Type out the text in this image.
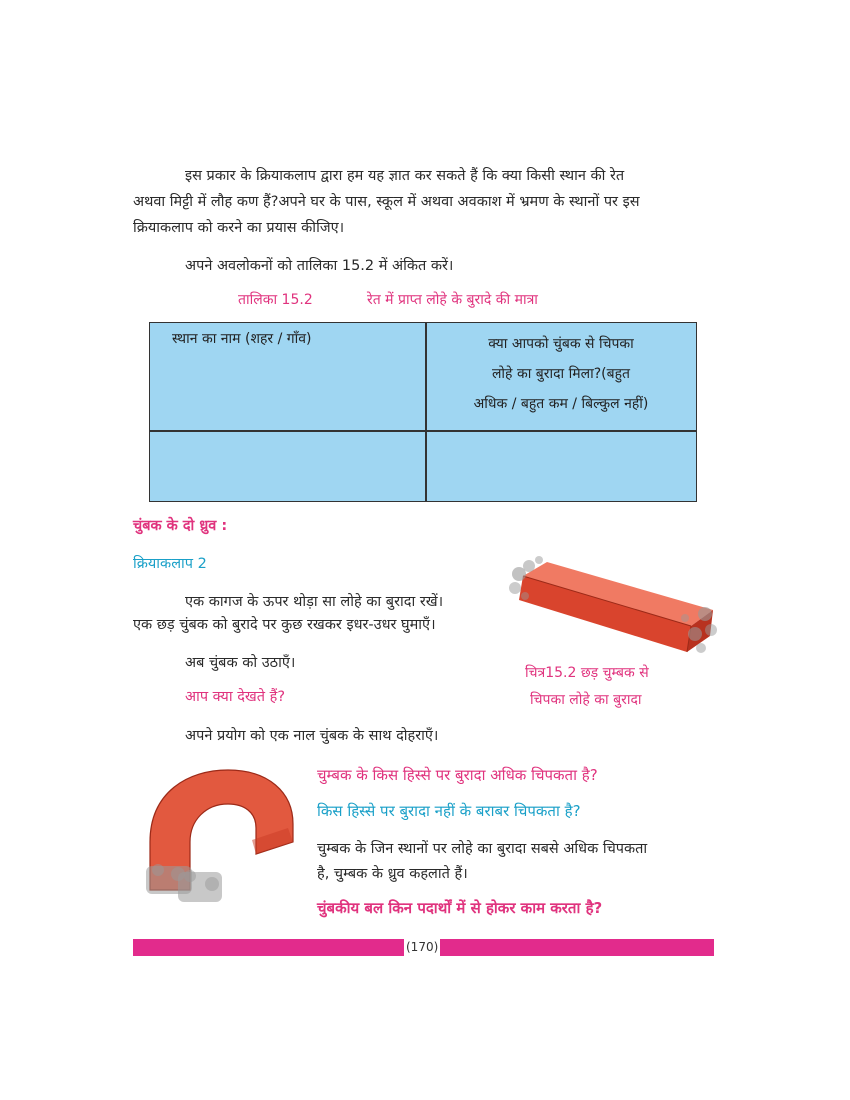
इस प्रकार के क्रियाकलाप द्वारा हम यह ज्ञात कर सकते हैं कि क्या किसी स्थान की रेत
अथवा मिट्टी में लौह कण हैं?अपने घर के पास, स्कूल में अथवा अवकाश में भ्रमण के स्थानों पर इस
क्रियाकलाप को करने का प्रयास कीजिए।
अपने अवलोकनों को तालिका 15.2 में अंकित करें।
तालिका 15.2	रेत में प्राप्त लोहे के बुरादे की मात्रा
स्थान का नाम (शहर / गाँव)	क्या आपको चुंबक से चिपका
लोहे का बुरादा मिला?(बहुत
अधिक / बहुत कम / बिल्कुल नहीं)
चुंबक के दो ध्रुव :
क्रियाकलाप 2
एक कागज के ऊपर थोड़ा सा लोहे का बुरादा रखें।
एक छड़ चुंबक को बुरादे पर कुछ रखकर इधर-उधर घुमाएँ।
अब चुंबक को उठाएँ।
आप क्या देखते हैं?
अपने प्रयोग को एक नाल चुंबक के साथ दोहराएँ।
चित्र15.2 छड़ चुम्बक से
चिपका लोहे का बुरादा
चुम्बक के किस हिस्से पर बुरादा अधिक चिपकता है?
किस हिस्से पर बुरादा नहीं के बराबर चिपकता है?
चुम्बक के जिन स्थानों पर लोहे का बुरादा सबसे अधिक चिपकता
है, चुम्बक के ध्रुव कहलाते हैं।
चुंबकीय बल किन पदार्थों में से होकर काम करता है?
(170)
